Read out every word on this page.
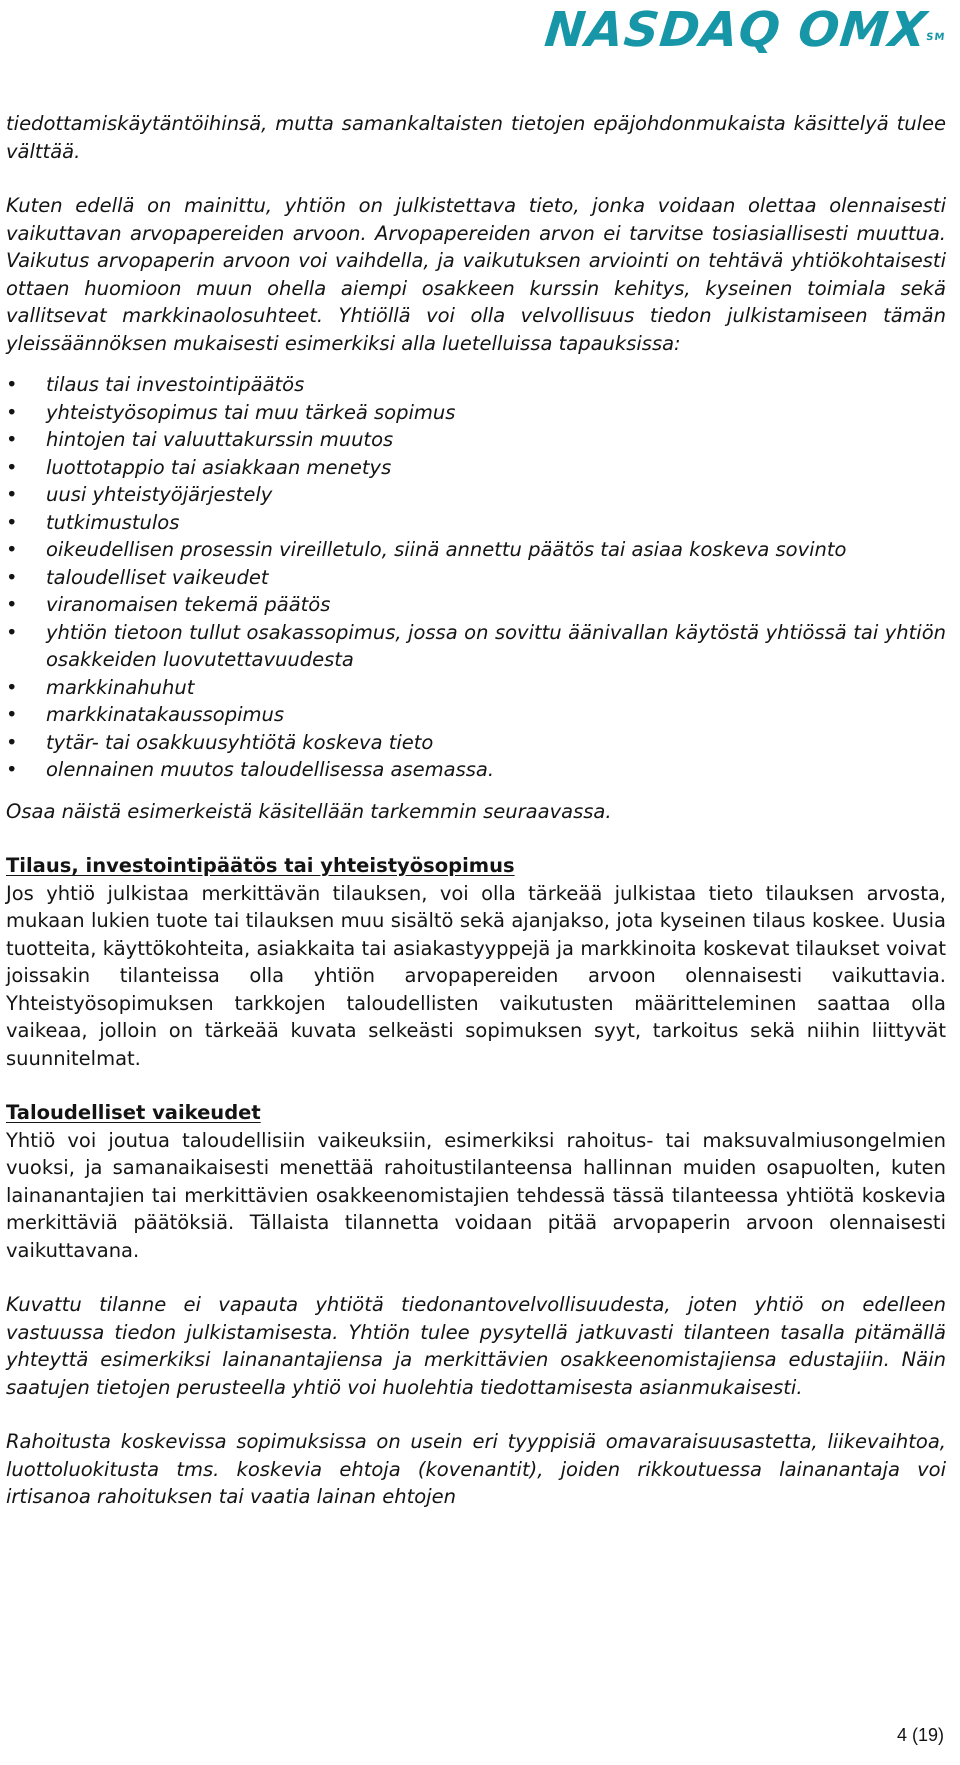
NASDAQ OMX℠

tiedottamiskäytäntöihinsä, mutta samankaltaisten tietojen epäjohdonmukaista käsittelyä tulee välttää.

Kuten edellä on mainittu, yhtiön on julkistettava tieto, jonka voidaan olettaa olennaisesti vaikuttavan arvopapereiden arvoon. Arvopapereiden arvon ei tarvitse tosiasiallisesti muuttua. Vaikutus arvopaperin arvoon voi vaihdella, ja vaikutuksen arviointi on tehtävä yhtiökohtaisesti ottaen huomioon muun ohella aiempi osakkeen kurssin kehitys, kyseinen toimiala sekä vallitsevat markkinaolosuhteet. Yhtiöllä voi olla velvollisuus tiedon julkistamiseen tämän yleissäännöksen mukaisesti esimerkiksi alla luetelluissa tapauksissa:

• tilaus tai investointipäätös
• yhteistyösopimus tai muu tärkeä sopimus
• hintojen tai valuuttakurssin muutos
• luottotappio tai asiakkaan menetys
• uusi yhteistyöjärjestely
• tutkimustulos
• oikeudellisen prosessin vireilletulo, siinä annettu päätös tai asiaa koskeva sovinto
• taloudelliset vaikeudet
• viranomaisen tekemä päätös
• yhtiön tietoon tullut osakassopimus, jossa on sovittu äänivallan käytöstä yhtiössä tai yhtiön osakkeiden luovutettavuudesta
• markkinahuhut
• markkinatakaussopimus
• tytär- tai osakkuusyhtiötä koskeva tieto
• olennainen muutos taloudellisessa asemassa.

Osaa näistä esimerkeistä käsitellään tarkemmin seuraavassa.

Tilaus, investointipäätös tai yhteistyösopimus

Jos yhtiö julkistaa merkittävän tilauksen, voi olla tärkeää julkistaa tieto tilauksen arvosta, mukaan lukien tuote tai tilauksen muu sisältö sekä ajanjakso, jota kyseinen tilaus koskee. Uusia tuotteita, käyttökohteita, asiakkaita tai asiakastyyppejä ja markkinoita koskevat tilaukset voivat joissakin tilanteissa olla yhtiön arvopapereiden arvoon olennaisesti vaikuttavia. Yhteistyösopimuksen tarkkojen taloudellisten vaikutusten määritteleminen saattaa olla vaikeaa, jolloin on tärkeää kuvata selkeästi sopimuksen syyt, tarkoitus sekä niihin liittyvät suunnitelmat.

Taloudelliset vaikeudet

Yhtiö voi joutua taloudellisiin vaikeuksiin, esimerkiksi rahoitus- tai maksuvalmiusongelmien vuoksi, ja samanaikaisesti menettää rahoitustilanteensa hallinnan muiden osapuolten, kuten lainanantajien tai merkittävien osakkeenomistajien tehdessä tässä tilanteessa yhtiötä koskevia merkittäviä päätöksiä. Tällaista tilannetta voidaan pitää arvopaperin arvoon olennaisesti vaikuttavana.

Kuvattu tilanne ei vapauta yhtiötä tiedonantovelvollisuudesta, joten yhtiö on edelleen vastuussa tiedon julkistamisesta. Yhtiön tulee pysytellä jatkuvasti tilanteen tasalla pitämällä yhteyttä esimerkiksi lainanantajiensa ja merkittävien osakkeenomistajiensa edustajiin. Näin saatujen tietojen perusteella yhtiö voi huolehtia tiedottamisesta asianmukaisesti.

Rahoitusta koskevissa sopimuksissa on usein eri tyyppisiä omavaraisuusastetta, liikevaihtoa, luottoluokitusta tms. koskevia ehtoja (kovenantit), joiden rikkoutuessa lainanantaja voi irtisanoa rahoituksen tai vaatia lainan ehtojen

4 (19)
